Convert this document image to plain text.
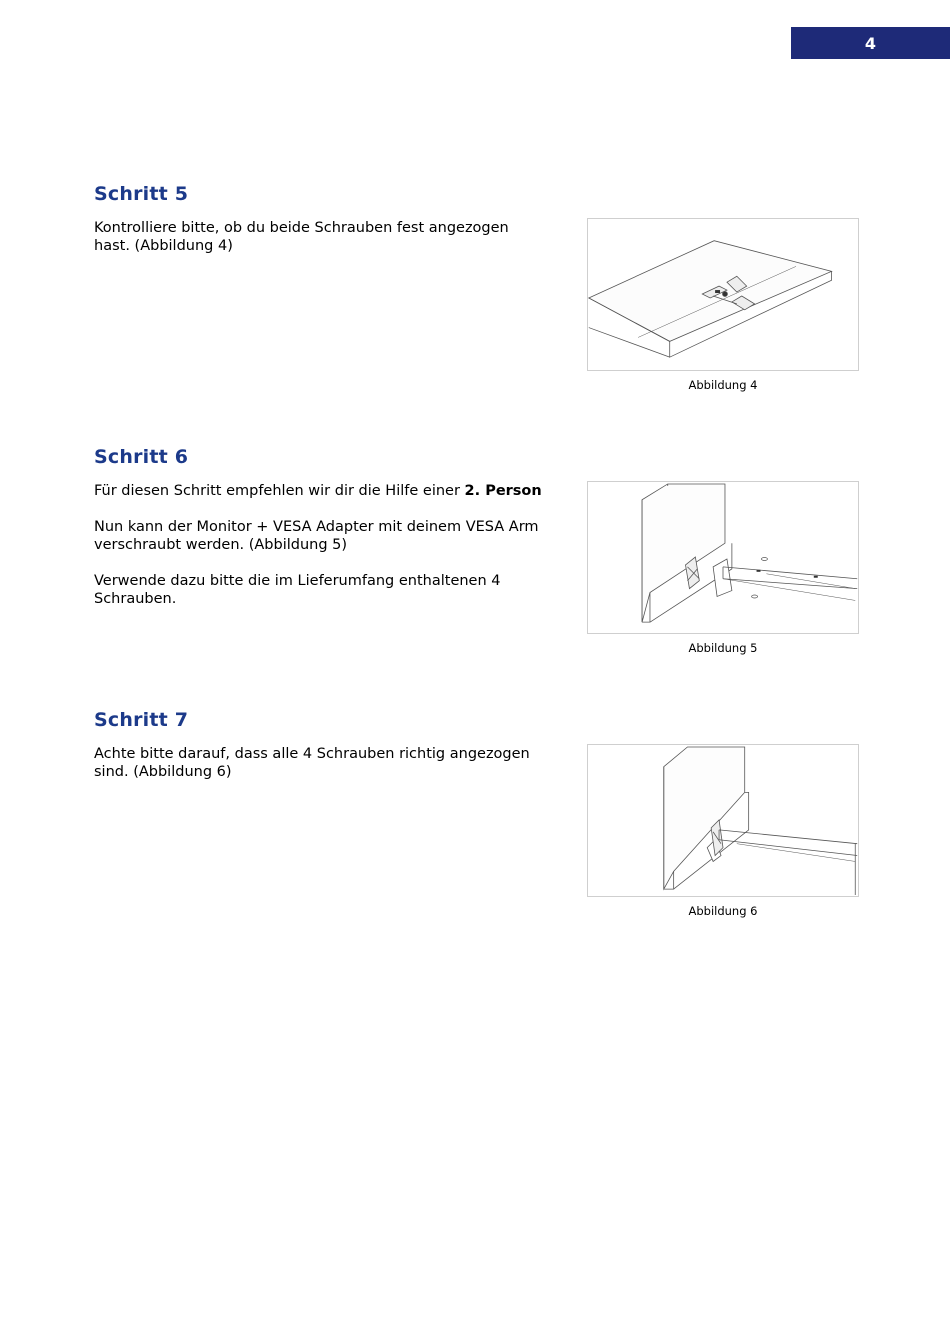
4
Schritt 5

Kontrolliere bitte, ob du beide Schrauben fest angezogen hast. (Abbildung 4)

Abbildung 4
Schritt 6

Für diesen Schritt empfehlen wir dir die Hilfe einer 2. Person

Nun kann der Monitor + VESA Adapter mit deinem VESA Arm verschraubt werden. (Abbildung 5)

Verwende dazu bitte die im Lieferumfang enthaltenen 4 Schrauben.

Abbildung 5
Schritt 7

Achte bitte darauf, dass alle 4 Schrauben richtig angezogen sind. (Abbildung 6)

Abbildung 6
